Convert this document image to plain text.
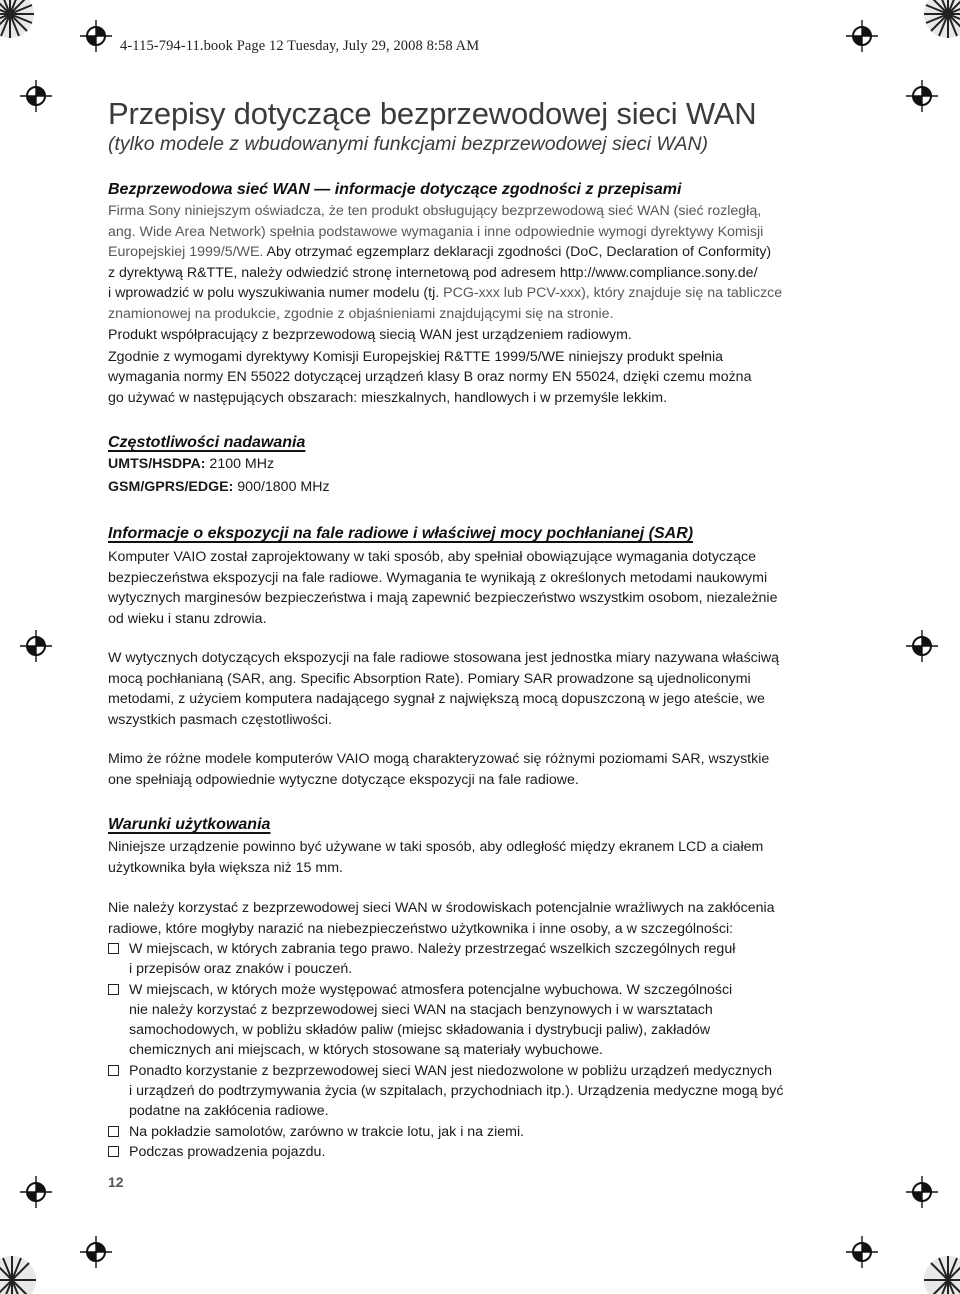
4-115-794-11.book Page 12 Tuesday, July 29, 2008 8:58 AM
Przepisy dotyczące bezprzewodowej sieci WAN
(tylko modele z wbudowanymi funkcjami bezprzewodowej sieci WAN)
Bezprzewodowa sieć WAN — informacje dotyczące zgodności z przepisami
Firma Sony niniejszym oświadcza, że ten produkt obsługujący bezprzewodową sieć WAN (sieć rozległą,
ang. Wide Area Network) spełnia podstawowe wymagania i inne odpowiednie wymogi dyrektywy Komisji
Europejskiej 1999/5/WE. Aby otrzymać egzemplarz deklaracji zgodności (DoC, Declaration of Conformity)
z dyrektywą R&TTE, należy odwiedzić stronę internetową pod adresem http://www.compliance.sony.de/
i wprowadzić w polu wyszukiwania numer modelu (tj. PCG-xxx lub PCV-xxx), który znajduje się na tabliczce
znamionowej na produkcie, zgodnie z objaśnieniami znajdującymi się na stronie.
Produkt współpracujący z bezprzewodową siecią WAN jest urządzeniem radiowym.
Zgodnie z wymogami dyrektywy Komisji Europejskiej R&TTE 1999/5/WE niniejszy produkt spełnia
wymagania normy EN 55022 dotyczącej urządzeń klasy B oraz normy EN 55024, dzięki czemu można
go używać w następujących obszarach: mieszkalnych, handlowych i w przemyśle lekkim.
Częstotliwości nadawania
UMTS/HSDPA: 2100 MHz
GSM/GPRS/EDGE: 900/1800 MHz
Informacje o ekspozycji na fale radiowe i właściwej mocy pochłanianej (SAR)
Komputer VAIO został zaprojektowany w taki sposób, aby spełniał obowiązujące wymagania dotyczące
bezpieczeństwa ekspozycji na fale radiowe. Wymagania te wynikają z określonych metodami naukowymi
wytycznych marginesów bezpieczeństwa i mają zapewnić bezpieczeństwo wszystkim osobom, niezależnie
od wieku i stanu zdrowia.
W wytycznych dotyczących ekspozycji na fale radiowe stosowana jest jednostka miary nazywana właściwą
mocą pochłanianą (SAR, ang. Specific Absorption Rate). Pomiary SAR prowadzone są ujednoliconymi
metodami, z użyciem komputera nadającego sygnał z największą mocą dopuszczoną w jego ateście, we
wszystkich pasmach częstotliwości.
Mimo że różne modele komputerów VAIO mogą charakteryzować się różnymi poziomami SAR, wszystkie
one spełniają odpowiednie wytyczne dotyczące ekspozycji na fale radiowe.
Warunki użytkowania
Niniejsze urządzenie powinno być używane w taki sposób, aby odległość między ekranem LCD a ciałem
użytkownika była większa niż 15 mm.
Nie należy korzystać z bezprzewodowej sieci WAN w środowiskach potencjalnie wrażliwych na zakłócenia
radiowe, które mogłyby narazić na niebezpieczeństwo użytkownika i inne osoby, a w szczególności:
W miejscach, w których zabrania tego prawo. Należy przestrzegać wszelkich szczególnych reguł
i przepisów oraz znaków i pouczeń.
W miejscach, w których może występować atmosfera potencjalne wybuchowa. W szczególności
nie należy korzystać z bezprzewodowej sieci WAN na stacjach benzynowych i w warsztatach
samochodowych, w pobliżu składów paliw (miejsc składowania i dystrybucji paliw), zakładów
chemicznych ani miejscach, w których stosowane są materiały wybuchowe.
Ponadto korzystanie z bezprzewodowej sieci WAN jest niedozwolone w pobliżu urządzeń medycznych
i urządzeń do podtrzymywania życia (w szpitalach, przychodniach itp.). Urządzenia medyczne mogą być
podatne na zakłócenia radiowe.
Na pokładzie samolotów, zarówno w trakcie lotu, jak i na ziemi.
Podczas prowadzenia pojazdu.
12
